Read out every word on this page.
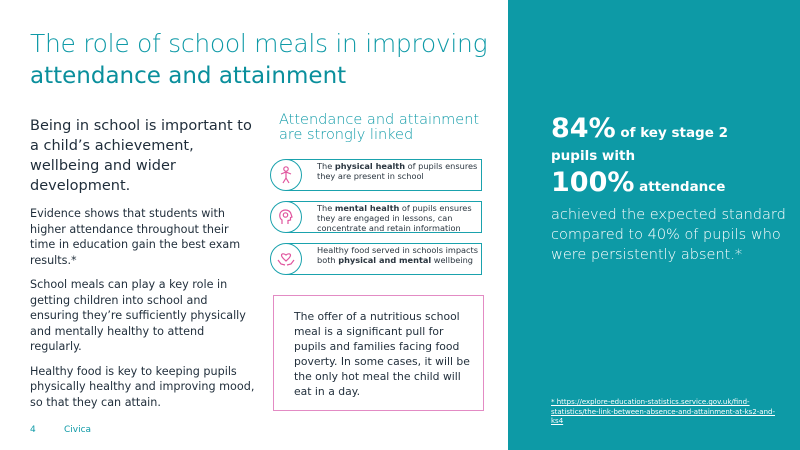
The role of school meals in improving
attendance and attainment

Being in school is important to a child’s achievement, wellbeing and wider development.

Evidence shows that students with higher attendance throughout their time in education gain the best exam results.*

School meals can play a key role in getting children into school and ensuring they’re sufficiently physically and mentally healthy to attend regularly.

Healthy food is key to keeping pupils physically healthy and improving mood, so that they can attain.

Attendance and attainment are strongly linked
The physical health of pupils ensures they are present in school
The mental health of pupils ensures they are engaged in lessons, can concentrate and retain information
Healthy food served in schools impacts both physical and mental wellbeing

The offer of a nutritious school meal is a significant pull for pupils and families facing food poverty. In some cases, it will be the only hot meal the child will eat in a day.

4	Civica
84% of key stage 2
pupils with
100% attendance

achieved the expected standard compared to 40% of pupils who were persistently absent.*

* https://explore-education-statistics.service.gov.uk/find-statistics/the-link-between-absence-and-attainment-at-ks2-and-ks4
